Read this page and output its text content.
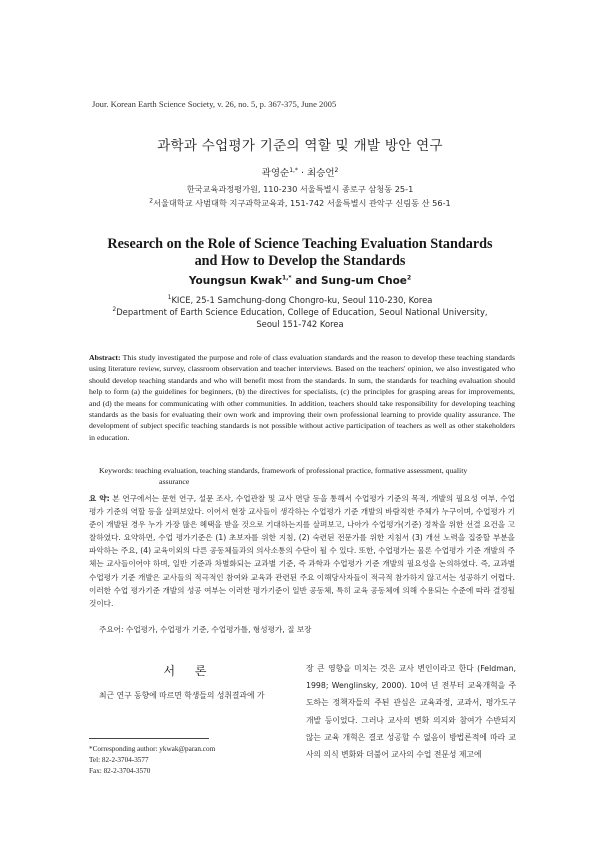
Jour. Korean Earth Science Society, v. 26, no. 5, p. 367-375, June 2005
과학과 수업평가 기준의 역할 및 개발 방안 연구
곽영순$^{1,*}$ · 최승언$^2$
한국교육과정평가원, 110-230 서울특별시 종로구 삼청동 25-1
$^2$서울대학교 사범대학 지구과학교육과, 151-742 서울특별시 관악구 신림동 산 56-1
Research on the Role of Science Teaching Evaluation Standards
and How to Develop the Standards
Youngsun Kwak$^{1,*}$ and Sung-um Choe$^2$
$^1$KICE, 25-1 Samchung-dong Chongro-ku, Seoul 110-230, Korea
$^2$Department of Earth Science Education, College of Education, Seoul National University,
Seoul 151-742 Korea
Abstract: This study investigated the purpose and role of class evaluation standards and the reason to develop these teaching standards using literature review, survey, classroom observation and teacher interviews. Based on the teachers' opinion, we also investigated who should develop teaching standards and who will benefit most from the standards. In sum, the standards for teaching evaluation should help to form (a) the guidelines for beginners, (b) the directives for specialists, (c) the principles for grasping areas for improvements, and (d) the means for communicating with other communities. In addition, teachers should take responsibility for developing teaching standards as the basis for evaluating their own work and improving their own professional learning to provide quality assurance. The development of subject specific teaching standards is not possible without active participation of teachers as well as other stakeholders in education.
Keywords: teaching evaluation, teaching standards, framework of professional practice, formative assessment, quality
assurance
요 약: 본 연구에서는 문헌 연구, 설문 조사, 수업관찰 및 교사 면담 등을 통해서 수업평가 기준의 목적, 개발의 필요성 여부, 수업평가 기준의 역할 등을 살펴보았다. 이어서 현장 교사들이 생각하는 수업평가 기준 개발의 바람직한 주체가 누구이며, 수업평가 기준이 개발된 경우 누가 가장 많은 혜택을 받을 것으로 기대하는지를 살펴보고, 나아가 수업평가(기준) 정착을 위한 선결 요건을 고찰하였다. 요약하면, 수업 평가기준은 (1) 초보자를 위한 지침, (2) 숙련된 전문가를 위한 지침서 (3) 개선 노력을 집중할 부분을 파악하는 주요, (4) 교육이외의 다른 공동체들과의 의사소통의 수단이 될 수 있다. 또한, 수업평가는 물론 수업평가 기준 개발의 주체는 교사들이어야 하며, 일반 기준과 차별화되는 교과별 기준, 즉 과학과 수업평가 기준 개발의 필요성을 논의하였다. 즉, 교과별 수업평가 기준 개발은 교사들의 적극적인 참여와 교육과 관련된 주요 이해당사자들이 적극적 참가하지 않고서는 성공하기 어렵다. 이러한 수업 평가기준 개발의 성공 여부는 이러한 평가기준이 일반 공동체, 특히 교육 공동체에 의해 수용되는 수준에 따라 결정될 것이다.
주요어: 수업평가, 수업평가 기준, 수업평가틀, 형성평가, 질 보장
서 론
최근 연구 동향에 따르면 학생들의 성취결과에 가
장 큰 영향을 미치는 것은 교사 변인이라고 한다 (Feldman, 1998; Wenglinsky, 2000). 10여 년 전부터 교육개혁을 주도하는 정책자들의 주된 관심은 교육과정, 교과서, 평가도구 개발 등이었다. 그러나 교사의 변화 의지와 참여가 수반되지 않는 교육 개혁은 결코 성공할 수 없음이 방법론적에 따라 교사의 의식 변화와 더불어 교사의 수업 전문성 제고에
*Corresponding author: ykwak@paran.com
Tel: 82-2-3704-3577
Fax: 82-2-3704-3570
